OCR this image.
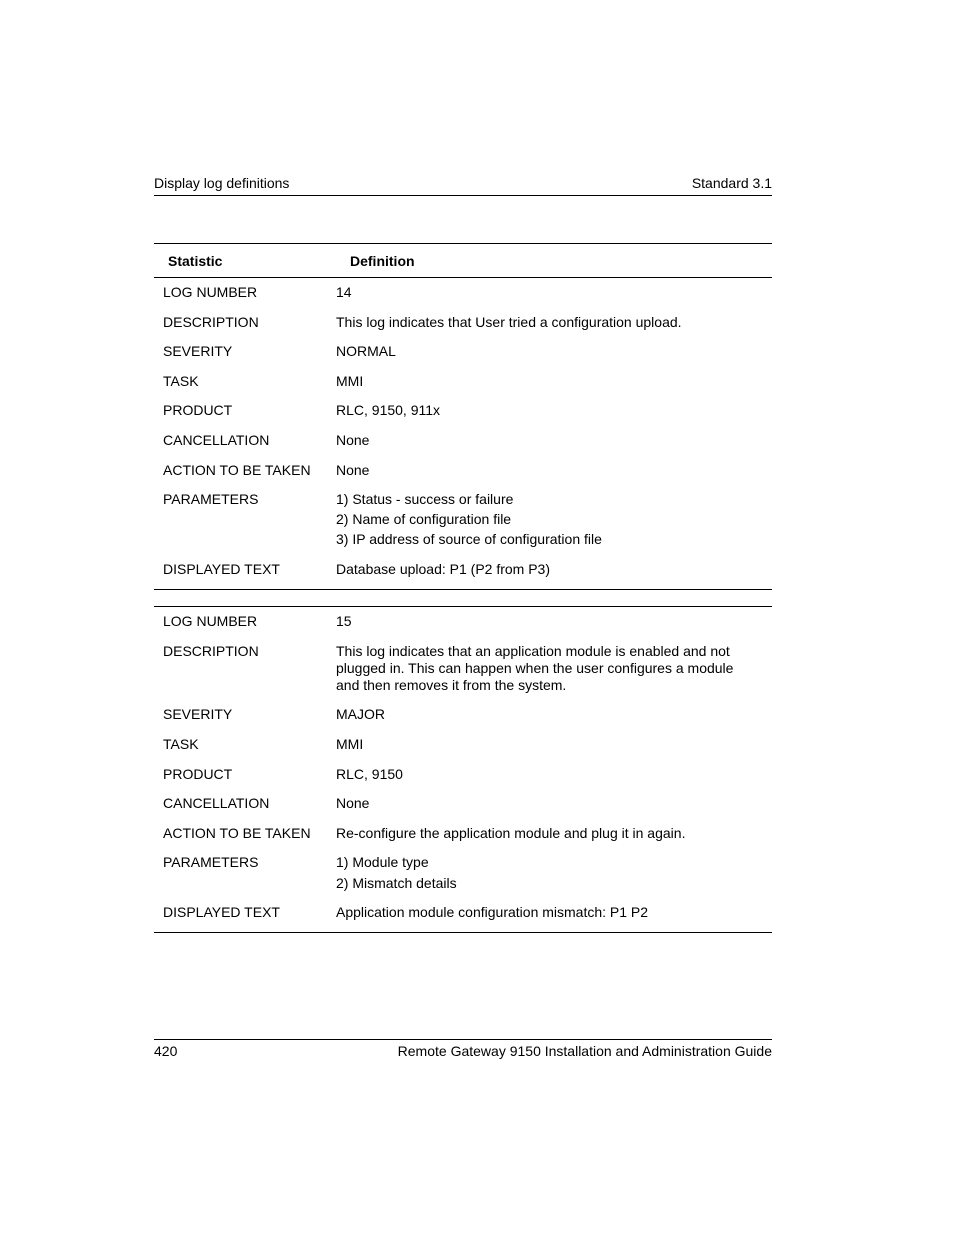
Display log definitions	Standard 3.1
Statistic	Definition
LOG NUMBER	14
DESCRIPTION	This log indicates that User tried a configuration upload.
SEVERITY	NORMAL
TASK	MMI
PRODUCT	RLC, 9150, 911x
CANCELLATION	None
ACTION TO BE TAKEN	None
PARAMETERS	1) Status - success or failure
2) Name of configuration file
3) IP address of source of configuration file
DISPLAYED TEXT	Database upload: P1 (P2 from P3)
LOG NUMBER	15
DESCRIPTION	This log indicates that an application module is enabled and not
plugged in. This can happen when the user configures a module
and then removes it from the system.
SEVERITY	MAJOR
TASK	MMI
PRODUCT	RLC, 9150
CANCELLATION	None
ACTION TO BE TAKEN	Re-configure the application module and plug it in again.
PARAMETERS	1) Module type
2) Mismatch details
DISPLAYED TEXT	Application module configuration mismatch: P1 P2
420	Remote Gateway 9150 Installation and Administration Guide
